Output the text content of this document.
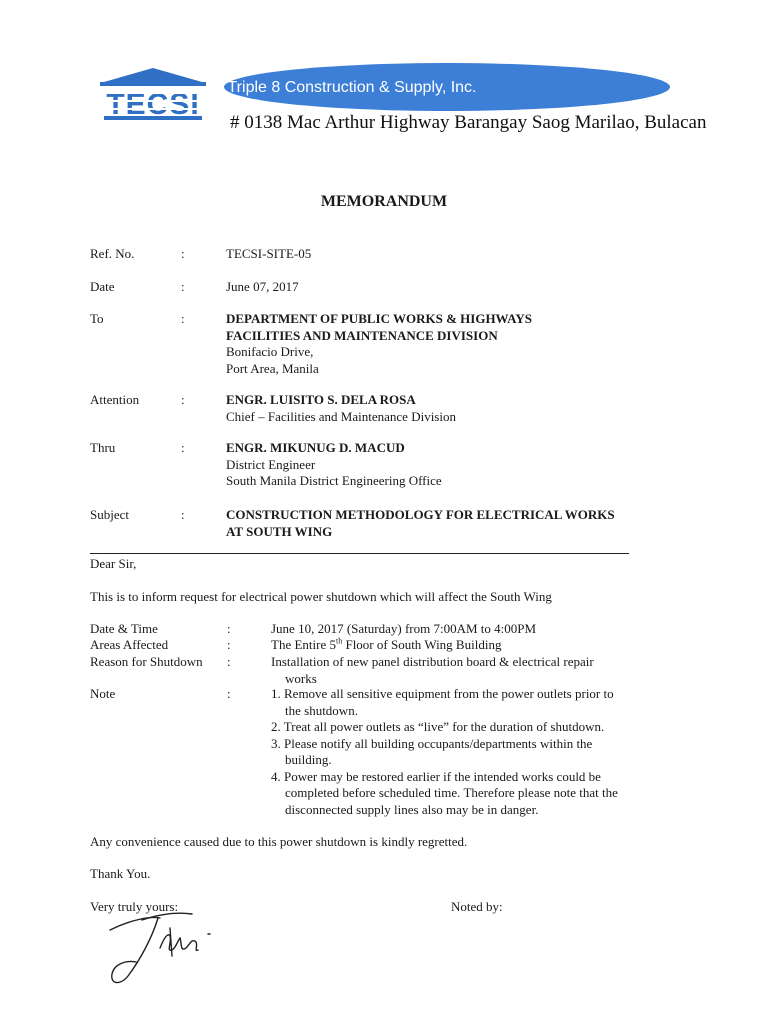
TECSI
Triple 8 Construction & Supply, Inc.
# 0138 Mac Arthur Highway Barangay Saog Marilao, Bulacan
MEMORANDUM
Ref. No.	:	TECSI-SITE-05
Date	:	June 07, 2017
To	:	DEPARTMENT OF PUBLIC WORKS & HIGHWAYS
FACILITIES AND MAINTENANCE DIVISION
Bonifacio Drive,
Port Area, Manila
Attention	:	ENGR. LUISITO S. DELA ROSA
Chief – Facilities and Maintenance Division
Thru	:	ENGR. MIKUNUG D. MACUD
District Engineer
South Manila District Engineering Office
Subject	:	CONSTRUCTION METHODOLOGY FOR ELECTRICAL WORKS
AT SOUTH WING
Dear Sir,
This is to inform request for electrical power shutdown which will affect the South Wing
Date & Time	:	June 10, 2017 (Saturday) from 7:00AM to 4:00PM
Areas Affected	:	The Entire 5th Floor of South Wing Building
Reason for Shutdown :	Installation of new panel distribution board & electrical repair
works
Note	:	1. Remove all sensitive equipment from the power outlets prior to
the shutdown.
2. Treat all power outlets as “live” for the duration of shutdown.
3. Please notify all building occupants/departments within the
building.
4. Power may be restored earlier if the intended works could be
completed before scheduled time. Therefore please note that the
disconnected supply lines also may be in danger.
Any convenience caused due to this power shutdown is kindly regretted.
Thank You.
Very truly yours:	Noted by:
